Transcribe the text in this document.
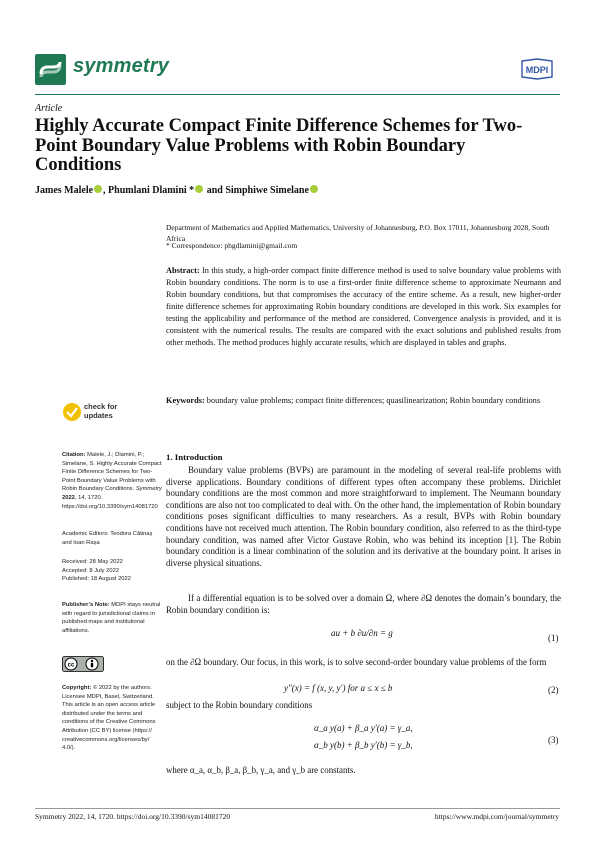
symmetry	MDPI
Article
Highly Accurate Compact Finite Difference Schemes for Two-Point Boundary Value Problems with Robin Boundary Conditions
James Malele , Phumlani Dlamini * and Simphiwe Simelane
Department of Mathematics and Applied Mathematics, University of Johannesburg, P.O. Box 17011, Johannesburg 2028, South Africa
* Correspondence: phgdlamini@gmail.com
Abstract: In this study, a high-order compact finite difference method is used to solve boundary value problems with Robin boundary conditions. The norm is to use a first-order finite difference scheme to approximate Neumann and Robin boundary conditions, but that compromises the accuracy of the entire scheme. As a result, new higher-order finite difference schemes for approximating Robin boundary conditions are developed in this work. Six examples for testing the applicability and performance of the method are considered. Convergence analysis is provided, and it is consistent with the numerical results. The results are compared with the exact solutions and published results from other methods. The method produces highly accurate results, which are displayed in tables and graphs.
Keywords: boundary value problems; compact finite differences; quasilinearization; Robin boundary conditions
check for
updates
Citation: Malele, J.; Dlamini, P.; Simelane, S. Highly Accurate Compact Finite Difference Schemes for Two-Point Boundary Value Problems with Robin Boundary Conditions. Symmetry 2022, 14, 1720. https://doi.org/10.3390/sym14081720
Academic Editors: Teodora Cătinaș and Ioan Rașa
Received: 28 May 2022
Accepted: 8 July 2022
Published: 18 August 2022
Publisher’s Note: MDPI stays neutral with regard to jurisdictional claims in published maps and institutional affiliations.
cc
Copyright: © 2022 by the authors. Licensee MDPI, Basel, Switzerland. This article is an open access article distributed under the terms and conditions of the Creative Commons Attribution (CC BY) license (https:// creativecommons.org/licenses/by/ 4.0/).
1. Introduction
Boundary value problems (BVPs) are paramount in the modeling of several real-life problems with diverse applications. Boundary conditions of different types often accompany these problems. Dirichlet boundary conditions are the most common and more straightforward to implement. The Neumann boundary conditions are also not too complicated to deal with. On the other hand, the implementation of Robin boundary conditions poses significant difficulties to many researchers. As a result, BVPs with Robin boundary conditions have not received much attention. The Robin boundary condition, also referred to as the third-type boundary condition, was named after Victor Gustave Robin, who was behind its inception [1]. The Robin boundary condition is a linear combination of the solution and its derivative at the boundary point. It arises in diverse physical situations.
If a differential equation is to be solved over a domain Ω, where ∂Ω denotes the domain’s boundary, the Robin boundary condition is:
au + b ∂u/∂n = g	(1)
on the ∂Ω boundary. Our focus, in this work, is to solve second-order boundary value problems of the form
y″(x) = f (x, y, y′) for a ≤ x ≤ b	(2)
subject to the Robin boundary conditions
α_a y(a) + β_a y′(a) = γ_a,
α_b y(b) + β_b y′(b) = γ_b,	(3)
where α_a, α_b, β_a, β_b, γ_a, and γ_b are constants.
Symmetry 2022, 14, 1720. https://doi.org/10.3390/sym14081720	https://www.mdpi.com/journal/symmetry
